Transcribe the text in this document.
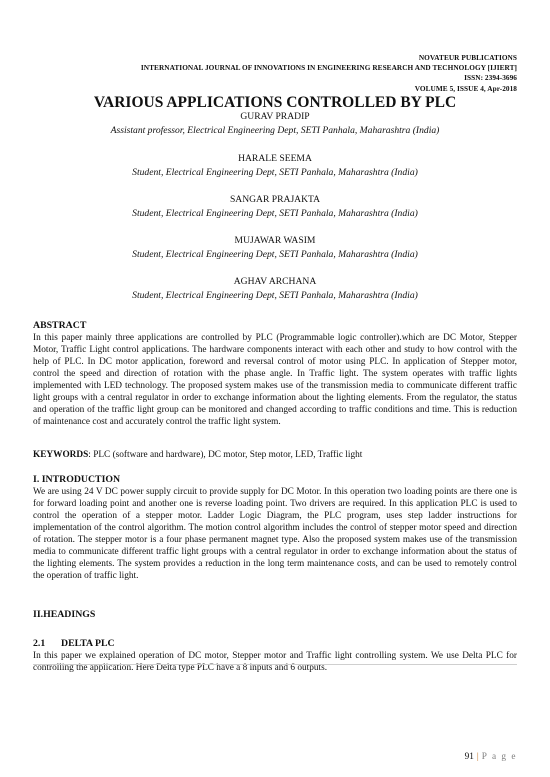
NOVATEUR PUBLICATIONS
INTERNATIONAL JOURNAL OF INNOVATIONS IN ENGINEERING RESEARCH AND TECHNOLOGY [IJIERT]
ISSN: 2394-3696
VOLUME 5, ISSUE 4, Apr-2018
VARIOUS APPLICATIONS CONTROLLED BY PLC
GURAV PRADIP
Assistant professor, Electrical Engineering Dept, SETI Panhala, Maharashtra (India)
HARALE SEEMA
Student, Electrical Engineering Dept, SETI Panhala, Maharashtra (India)
SANGAR PRAJAKTA
Student, Electrical Engineering Dept, SETI Panhala, Maharashtra (India)
MUJAWAR WASIM
Student, Electrical Engineering Dept, SETI Panhala, Maharashtra (India)
AGHAV ARCHANA
Student, Electrical Engineering Dept, SETI Panhala, Maharashtra (India)
ABSTRACT
In this paper mainly three applications are controlled by PLC (Programmable logic controller).which are DC Motor, Stepper Motor, Traffic Light control applications. The hardware components interact with each other and study to how control with the help of PLC. In DC motor application, foreword and reversal control of motor using PLC. In application of Stepper motor, control the speed and direction of rotation with the phase angle. In Traffic light. The system operates with traffic lights implemented with LED technology. The proposed system makes use of the transmission media to communicate different traffic light groups with a central regulator in order to exchange information about the lighting elements. From the regulator, the status and operation of the traffic light group can be monitored and changed according to traffic conditions and time. This is reduction of maintenance cost and accurately control the traffic light system.
KEYWORDS: PLC (software and hardware), DC motor, Step motor, LED, Traffic light
I. INTRODUCTION
We are using 24 V DC power supply circuit to provide supply for DC Motor. In this operation two loading points are there one is for forward loading point and another one is reverse loading point. Two drivers are required. In this application PLC is used to control the operation of a stepper motor. Ladder Logic Diagram, the PLC program, uses step ladder instructions for implementation of the control algorithm. The motion control algorithm includes the control of stepper motor speed and direction of rotation. The stepper motor is a four phase permanent magnet type. Also the proposed system makes use of the transmission media to communicate different traffic light groups with a central regulator in order to exchange information about the status of the lighting elements. The system provides a reduction in the long term maintenance costs, and can be used to remotely control the operation of traffic light.
II.HEADINGS
2.1 DELTA PLC
In this paper we explained operation of DC motor, Stepper motor and Traffic light controlling system. We use Delta PLC for controlling the application. Here Delta type PLC have a 8 inputs and 6 outputs.
91 | P a g e
